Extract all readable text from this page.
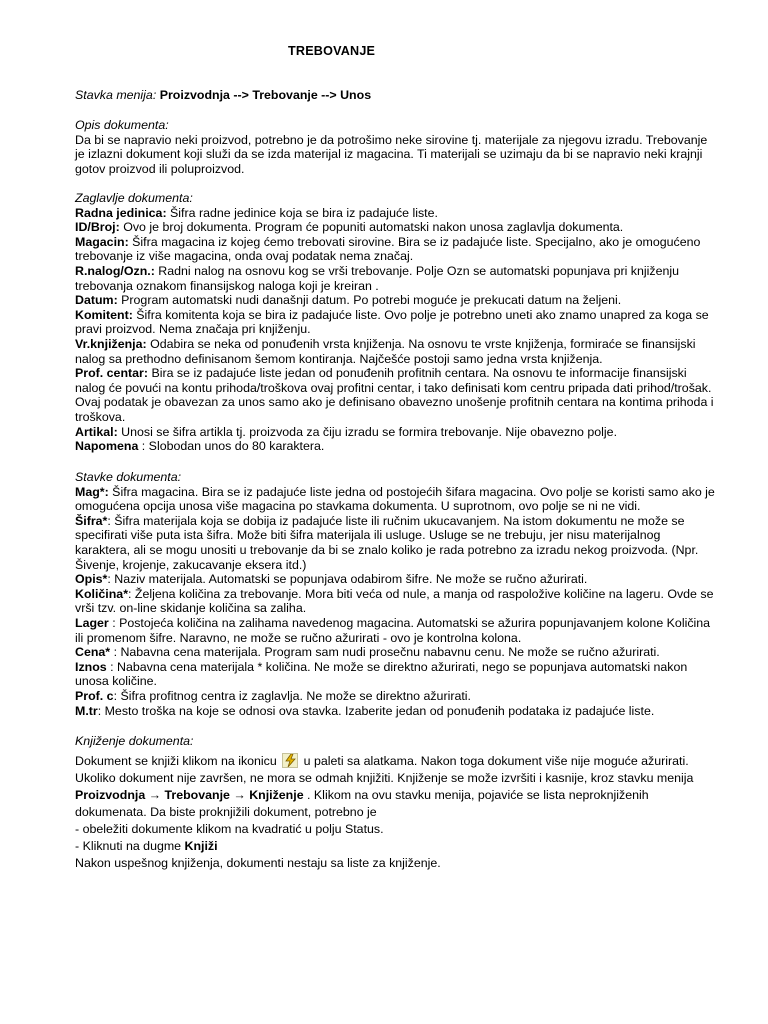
TREBOVANJE
Stavka menija: Proizvodnja --> Trebovanje --> Unos

Opis dokumenta:

Da bi se napravio neki proizvod, potrebno je da potrošimo neke sirovine tj. materijale za njegovu izradu. Trebovanje je izlazni dokument koji služi da se izda materijal iz magacina. Ti materijali se uzimaju da bi se napravio neki krajnji gotov proizvod ili poluproizvod.

Zaglavlje dokumenta:

Radna jedinica: Šifra radne jedinice koja se bira iz padajuće liste.

ID/Broj: Ovo je broj dokumenta. Program će popuniti automatski nakon unosa zaglavlja dokumenta.

Magacin: Šifra magacina iz kojeg ćemo trebovati sirovine. Bira se iz padajuće liste. Specijalno, ako je omogućeno trebovanje iz više magacina, onda ovaj podatak nema značaj.

R.nalog/Ozn.: Radni nalog na osnovu kog se vrši trebovanje. Polje Ozn se automatski popunjava pri knjiženju trebovanja oznakom finansijskog naloga koji je kreiran .

Datum: Program automatski nudi današnji datum. Po potrebi moguće je prekucati datum na željeni.

Komitent: Šifra komitenta koja se bira iz padajuće liste. Ovo polje je potrebno uneti ako znamo unapred za koga se pravi proizvod. Nema značaja pri knjiženju.

Vr.knjiženja: Odabira se neka od ponuđenih vrsta knjiženja. Na osnovu te vrste knjiženja, formiraće se finansijski nalog sa prethodno definisanom šemom kontiranja. Najčešće postoji samo jedna vrsta knjiženja.

Prof. centar: Bira se iz padajuće liste jedan od ponuđenih profitnih centara. Na osnovu te informacije finansijski nalog će povući na kontu prihoda/troškova ovaj profitni centar, i tako definisati kom centru pripada dati prihod/trošak. Ovaj podatak je obavezan za unos samo ako je definisano obavezno unošenje profitnih centara na kontima prihoda i troškova.

Artikal: Unosi se šifra artikla tj. proizvoda za čiju izradu se formira trebovanje. Nije obavezno polje.

Napomena : Slobodan unos do 80 karaktera.

Stavke dokumenta:

Mag*: Šifra magacina. Bira se iz padajuće liste jedna od postojećih šifara magacina. Ovo polje se koristi samo ako je omogućena opcija unosa više magacina po stavkama dokumenta. U suprotnom, ovo polje se ni ne vidi.

Šifra*: Šifra materijala koja se dobija iz padajuće liste ili ručnim ukucavanjem. Na istom dokumentu ne može se specifirati više puta ista šifra. Može biti šifra materijala ili usluge. Usluge se ne trebuju, jer nisu materijalnog karaktera, ali se mogu unositi u trebovanje da bi se znalo koliko je rada potrebno za izradu nekog proizvoda. (Npr. Šivenje, krojenje, zakucavanje eksera itd.)

Opis*: Naziv materijala. Automatski se popunjava odabirom šifre. Ne može se ručno ažurirati.

Količina*: Željena količina za trebovanje. Mora biti veća od nule, a manja od raspoložive količine na lageru. Ovde se vrši tzv. on-line skidanje količina sa zaliha.

Lager : Postojeća količina na zalihama navedenog magacina. Automatski se ažurira popunjavanjem kolone Količina ili promenom šifre. Naravno, ne može se ručno ažurirati - ovo je kontrolna kolona.

Cena* : Nabavna cena materijala. Program sam nudi prosečnu nabavnu cenu. Ne može se ručno ažurirati.

Iznos : Nabavna cena materijala * količina. Ne može se direktno ažurirati, nego se popunjava automatski nakon unosa količine.

Prof. c: Šifra profitnog centra iz zaglavlja. Ne može se direktno ažurirati.

M.tr: Mesto troška na koje se odnosi ova stavka. Izaberite jedan od ponuđenih podataka iz padajuće liste.

Knjiženje dokumenta:

Dokument se knjiži klikom na ikonicu
u paleti sa alatkama. Nakon toga dokument više nije moguće ažurirati.

Ukoliko dokument nije završen, ne mora se odmah knjižiti. Knjiženje se može izvršiti i kasnije, kroz stavku menija

Proizvodnja → Trebovanje → Knjiženje . Klikom na ovu stavku menija, pojaviće se lista neproknjiženih dokumenata. Da biste proknjižili dokument, potrebno je

- obeležiti dokumente klikom na kvadratić u polju Status.

- Kliknuti na dugme Knjiži

Nakon uspešnog knjiženja, dokumenti nestaju sa liste za knjiženje.
